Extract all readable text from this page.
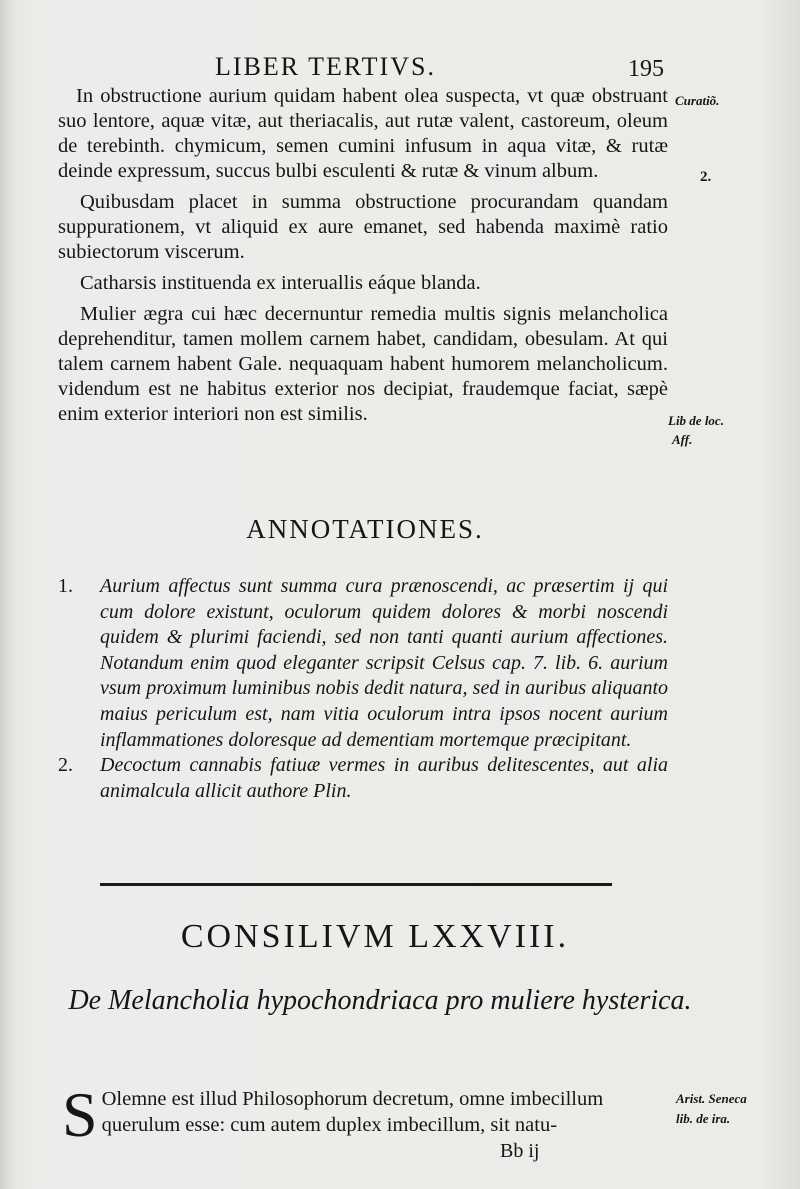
LIBER TERTIVS.	195

In obstructione aurium quidam habent olea suspecta, vt quæ obstruant suo lentore, aquæ vitæ, aut theriacalis, aut rutæ valent, castoreum, oleum de terebinth. chymicum, semen cumini infusum in aqua vitæ, & rutæ deinde expressum, succus bulbi esculenti & rutæ & vinum album.

Quibusdam placet in summa obstructione procurandam quandam suppurationem, vt aliquid ex aure emanet, sed habenda maximè ratio subiectorum viscerum.

Catharsis instituenda ex interuallis eáque blanda.

Mulier ægra cui hæc decernuntur remedia multis signis melancholica deprehenditur, tamen mollem carnem habet, candidam, obesulam. At qui talem carnem habent Gale. nequaquam habent humorem melancholicum. videndum est ne habitus exterior nos decipiat, fraudemque faciat, sæpè enim exterior interiori non est similis.

Curatiõ.
2.
Lib de loc.
Aff.
ANNOTATIONES.
1.	Aurium affectus sunt summa cura prænoscendi, ac præsertim ij qui cum dolore existunt, oculorum quidem dolores & morbi noscendi quidem & plurimi faciendi, sed non tanti quanti aurium affectiones. Notandum enim quod eleganter scripsit Celsus cap. 7. lib. 6. aurium vsum proximum luminibus nobis dedit natura, sed in auribus aliquanto maius periculum est, nam vitia oculorum intra ipsos nocent aurium inflammationes doloresque ad dementiam mortemque præcipitant.
2.	Decoctum cannabis fatiuæ vermes in auribus delitescentes, aut alia animalcula allicit authore Plin.
CONSILIVM LXXVIII.
De Melancholia hypochondriaca pro muliere hysterica.
S Olemne est illud Philosophorum decretum, omne imbecillum querulum esse: cum autem duplex imbecillum, sit natu-
Arist. Seneca
lib. de ira.
Bb ij
